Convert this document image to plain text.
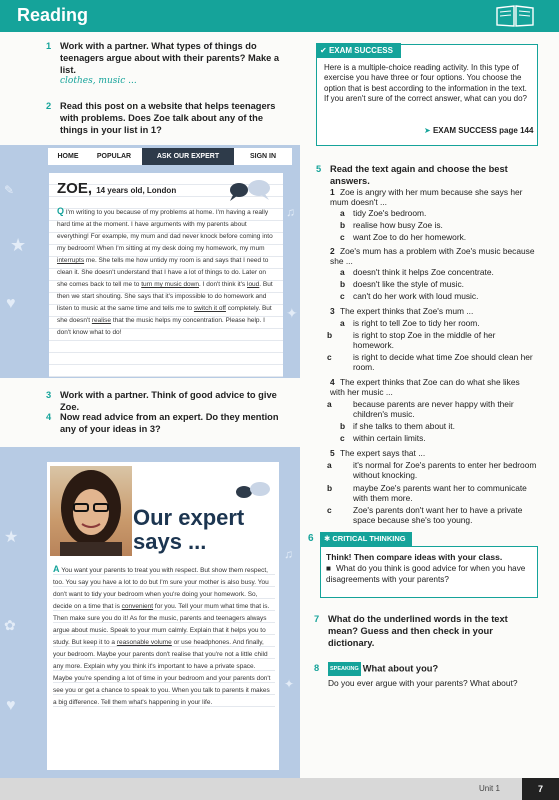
Reading
1 Work with a partner. What types of things do teenagers argue about with their parents? Make a list.
clothes, music ...
2 Read this post on a website that helps teenagers with problems. Does Zoe talk about any of the things in your list in 1?
✎
★
♥
♫
✦
HOME	POPULAR	ASK OUR EXPERT	SIGN IN
ZOE, 14 years old, London
Q I'm writing to you because of my problems at home. I'm having a really hard time at the moment. I have arguments with my parents about everything! For example, my mum and dad never knock before coming into my bedroom! When I'm sitting at my desk doing my homework, my mum interrupts me. She tells me how untidy my room is and says that I need to clean it. She doesn't understand that I have a lot of things to do. Later on she comes back to tell me to turn my music down. I don't think it's loud. But then we start shouting. She says that it's impossible to do homework and listen to music at the same time and tells me to switch it off completely. But she doesn't realise that the music helps my concentration. Please help. I don't know what to do!
3 Work with a partner. Think of good advice to give Zoe.
4 Now read advice from an expert. Do they mention any of your ideas in 3?
★
✿
♥
♫
✦
Our expert says ...
A You want your parents to treat you with respect. But show them respect, too. You say you have a lot to do but I'm sure your mother is also busy. You don't want to tidy your bedroom when you're doing your homework. So, decide on a time that is convenient for you. Tell your mum what time that is. Then make sure you do it! As for the music, parents and teenagers always argue about music. Speak to your mum calmly. Explain that it helps you to study. But keep it to a reasonable volume or use headphones. And finally, your bedroom. Maybe your parents don't realise that you're not a little child any more. Explain why you think it's important to have a private space. Maybe you're spending a lot of time in your bedroom and your parents don't see you or get a chance to speak to you. When you talk to parents it makes a big difference. Tell them what's happening in your life.
✔ EXAM SUCCESS
Here is a multiple-choice reading activity. In this type of exercise you have three or four options. You choose the option that is best according to the information in the text. If you aren't sure of the correct answer, what can you do?
➤ EXAM SUCCESS page 144
5 Read the text again and choose the best answers.
1 Zoe is angry with her mum because she says her mum doesn't ...
a tidy Zoe's bedroom.
b realise how busy Zoe is.
c want Zoe to do her homework.
2 Zoe's mum has a problem with Zoe's music because she ...
a doesn't think it helps Zoe concentrate.
b doesn't like the style of music.
c can't do her work with loud music.
3 The expert thinks that Zoe's mum ...
a is right to tell Zoe to tidy her room.
b is right to stop Zoe in the middle of her homework.
c	is right to decide what time Zoe should clean her room.
4 The expert thinks that Zoe can do what she likes with her music ...
a	because parents are never happy with their children's music.
b if she talks to them about it.
c within certain limits.
5 The expert says that ...
a	it's normal for Zoe's parents to enter her bedroom without knocking.
b maybe Zoe's parents want her to communicate with them more.
c	Zoe's parents don't want her to have a private space because she's too young.
6	✱ CRITICAL THINKING
Think! Then compare ideas with your class.
■ What do you think is good advice for when you have disagreements with your parents?
7 What do the underlined words in the text mean? Guess and then check in your dictionary.
8 SPEAKING What about you?
Do you ever argue with your parents? What about?
Unit 1	7
